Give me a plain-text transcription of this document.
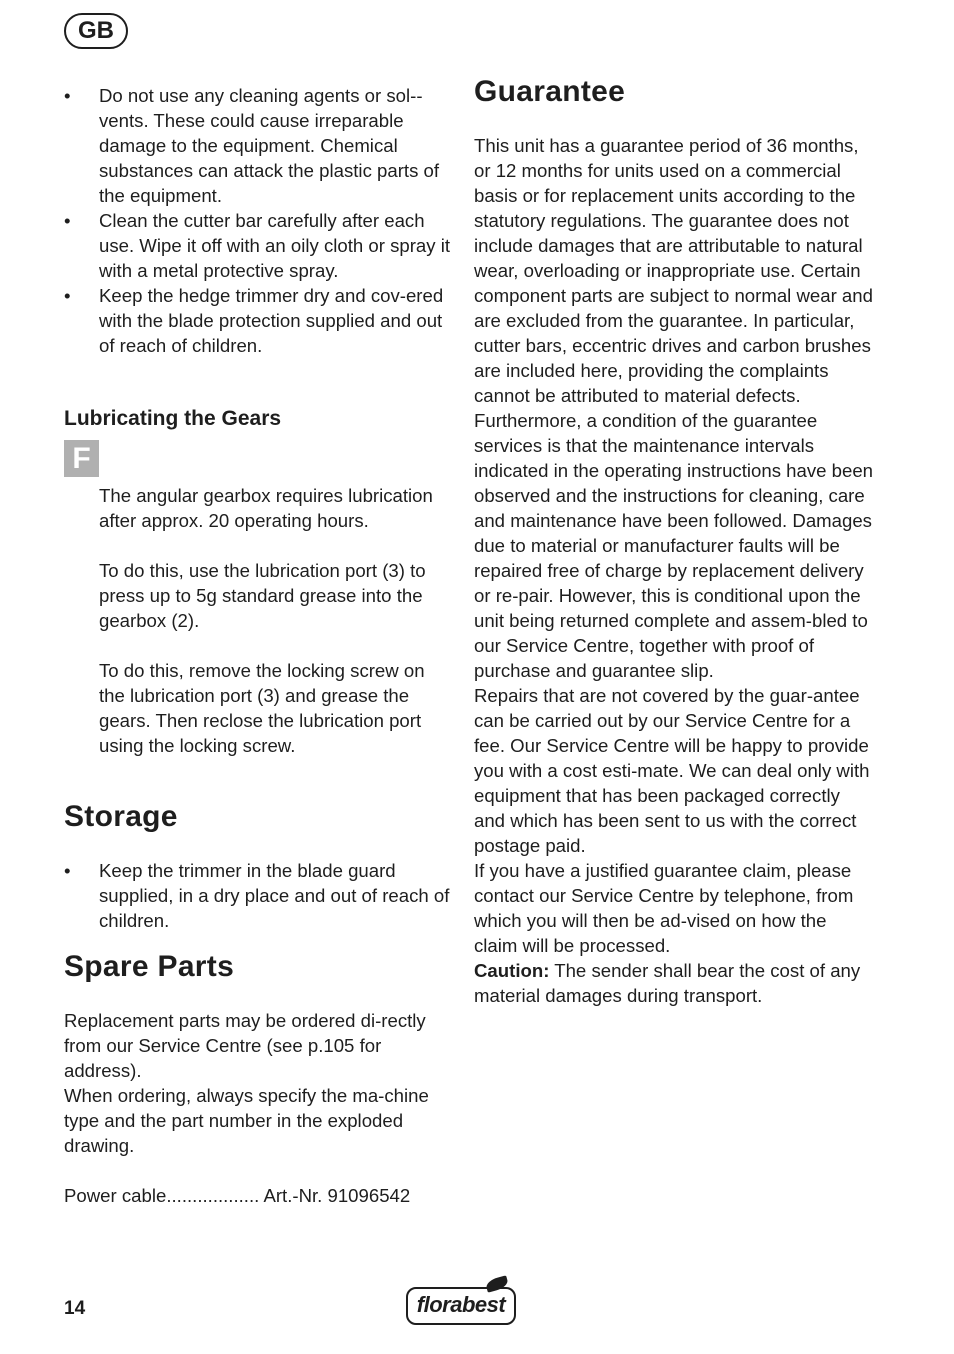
GB
• Do not use any cleaning agents or sol-vents. These could cause irreparable damage to the equipment. Chemical substances can attack the plastic parts of the equipment.
• Clean the cutter bar carefully after each use. Wipe it off with an oily cloth or spray it with a metal protective spray.
• Keep the hedge trimmer dry and cov-ered with the blade protection supplied and out of reach of children.
Lubricating the Gears

The angular gearbox requires lubrication after approx. 20 operating hours.

To do this, use the lubrication port (3) to press up to 5g standard grease into the gearbox (2).

To do this, remove the locking screw on the lubrication port (3) and grease the gears. Then reclose the lubrication port using the locking screw.

Storage
• Keep the trimmer in the blade guard supplied, in a dry place and out of reach of children.
Spare Parts

Replacement parts may be ordered di-rectly from our Service Centre (see p.105 for address).

When ordering, always specify the ma-chine type and the part number in the exploded drawing.

Power cable.................. Art.-Nr. 91096542

F
Guarantee

This unit has a guarantee period of 36 months, or 12 months for units used on a commercial basis or for replacement units according to the statutory regulations. The guarantee does not include damages that are attributable to natural wear, overloading or inappropriate use. Certain component parts are subject to normal wear and are excluded from the guarantee. In particular, cutter bars, eccentric drives and carbon brushes are included here, providing the complaints cannot be attributed to material defects.

Furthermore, a condition of the guarantee services is that the maintenance intervals indicated in the operating instructions have been observed and the instructions for cleaning, care and maintenance have been followed. Damages due to material or manufacturer faults will be repaired free of charge by replacement delivery or re-pair. However, this is conditional upon the unit being returned complete and assem-bled to our Service Centre, together with proof of purchase and guarantee slip.

Repairs that are not covered by the guar-antee can be carried out by our Service Centre for a fee. Our Service Centre will be happy to provide you with a cost esti-mate. We can deal only with equipment that has been packaged correctly and which has been sent to us with the correct postage paid.

If you have a justified guarantee claim, please contact our Service Centre by telephone, from which you will then be ad-vised on how the claim will be processed.

Caution: The sender shall bear the cost of any material damages during transport.

14	florabest
